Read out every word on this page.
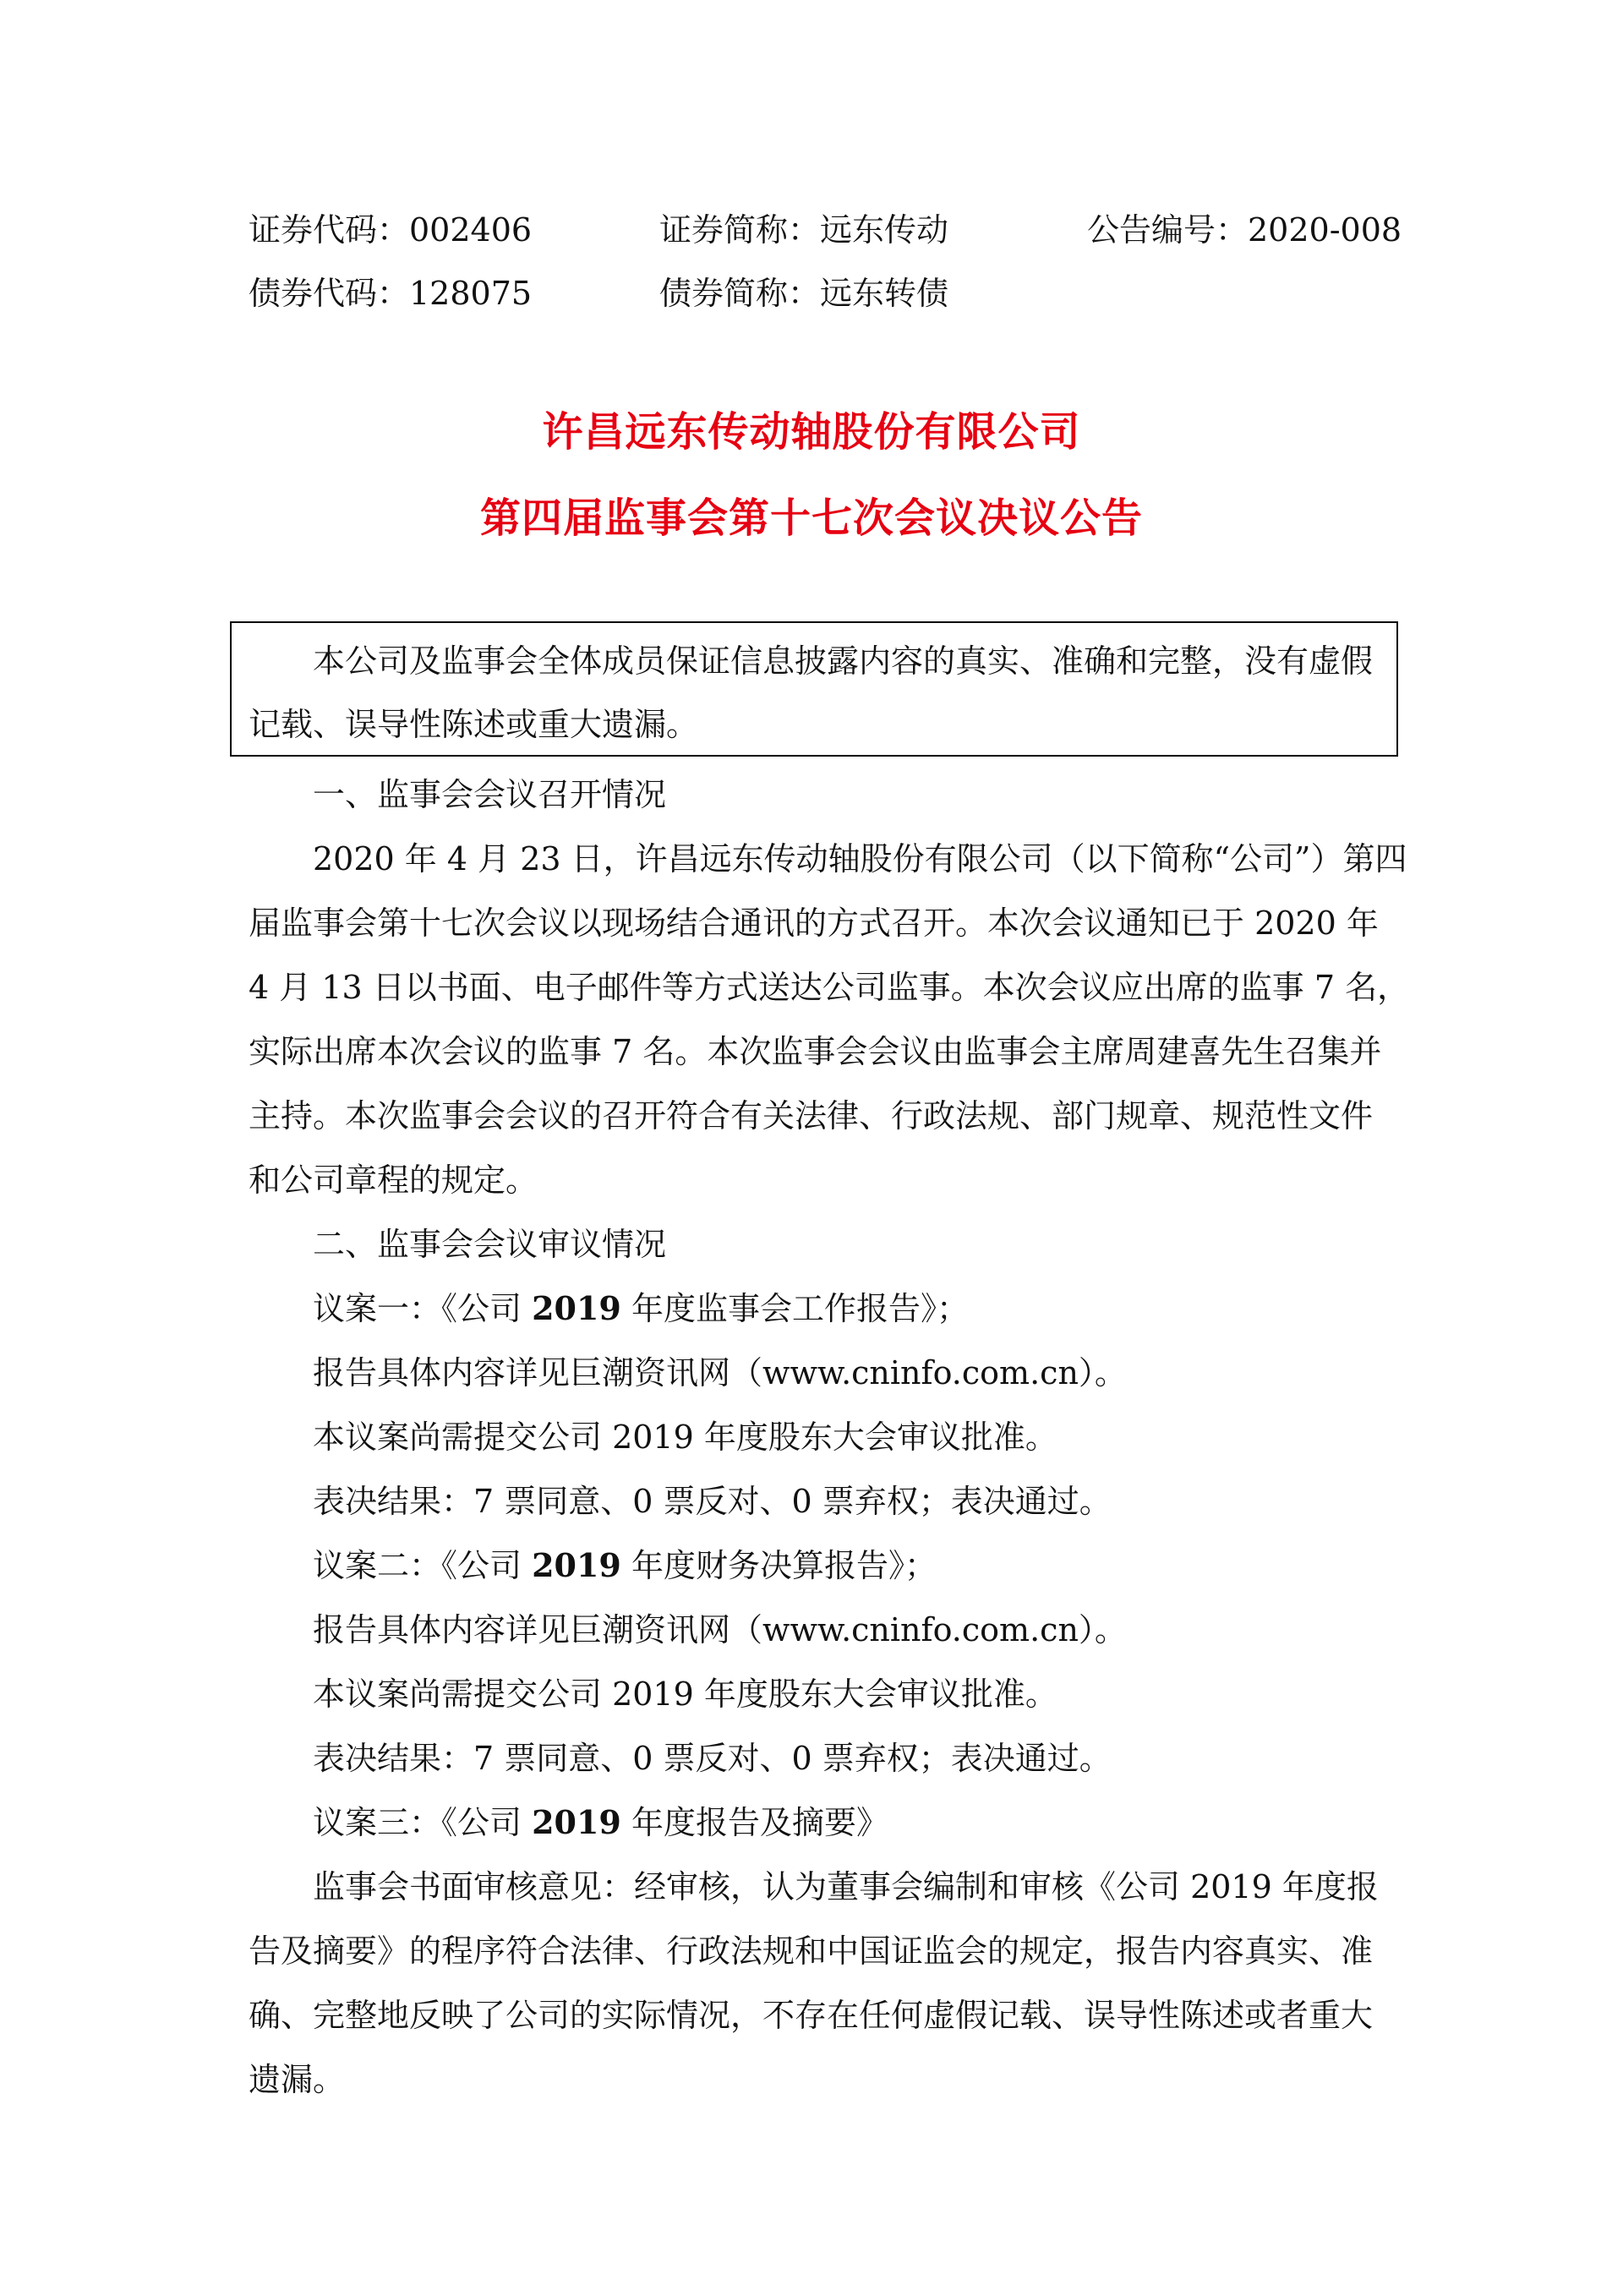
证券代码：002406	证券简称：远东传动	公告编号：2020-008
债券代码：128075	债券简称：远东转债
许昌远东传动轴股份有限公司
第四届监事会第十七次会议决议公告
本公司及监事会全体成员保证信息披露内容的真实、准确和完整，没有虚假
记载、误导性陈述或重大遗漏。
一、监事会会议召开情况
2020 年 4 月 23 日，许昌远东传动轴股份有限公司（以下简称“公司”）第四
届监事会第十七次会议以现场结合通讯的方式召开。本次会议通知已于 2020 年
4 月 13 日以书面、电子邮件等方式送达公司监事。本次会议应出席的监事 7 名，
实际出席本次会议的监事 7 名。本次监事会会议由监事会主席周建喜先生召集并
主持。本次监事会会议的召开符合有关法律、行政法规、部门规章、规范性文件
和公司章程的规定。
二、监事会会议审议情况
议案一：《公司 2019 年度监事会工作报告》；
报告具体内容详见巨潮资讯网（www.cninfo.com.cn）。
本议案尚需提交公司 2019 年度股东大会审议批准。
表决结果：7 票同意、0 票反对、0 票弃权；表决通过。
议案二：《公司 2019 年度财务决算报告》；
报告具体内容详见巨潮资讯网（www.cninfo.com.cn）。
本议案尚需提交公司 2019 年度股东大会审议批准。
表决结果：7 票同意、0 票反对、0 票弃权；表决通过。
议案三：《公司 2019 年度报告及摘要》
监事会书面审核意见：经审核，认为董事会编制和审核《公司 2019 年度报
告及摘要》的程序符合法律、行政法规和中国证监会的规定，报告内容真实、准
确、完整地反映了公司的实际情况，不存在任何虚假记载、误导性陈述或者重大
遗漏。
